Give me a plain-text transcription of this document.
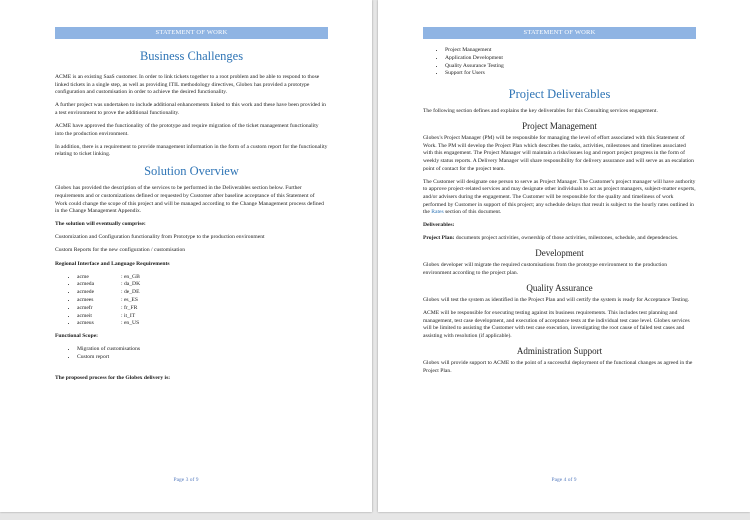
STATEMENT OF WORK
Business Challenges

ACME is an existing SaaS customer. In order to link tickets together to a root problem and be able to respond to those linked tickets in a single step, as well as providing ITIL methodology directives, Globex has provided a prototype configuration and customisation in order to achieve the desired functionality.

A further project was undertaken to include additional enhancements linked to this work and these have been provided in a test environment to prove the additional functionality.

ACME have approved the functionality of the prototype and require migration of the ticket management functionality into the production environment.

In addition, there is a requirement to provide management information in the form of a custom report for the functionality relating to ticket linking.

Solution Overview

Globex has provided the description of the services to be performed in the Deliverables section below. Further requirements and or customizations defined or requested by Customer after baseline acceptance of this Statement of Work could change the scope of this project and will be managed according to the Change Management process defined in the Change Management Appendix.

The solution will eventually comprise:

Customization and Configuration functionality from Prototype to the production environment

Custom Reports for the new configuration / customisation

Regional Interface and Language Requirements

• acme	: en_GB
• acmeda	: da_DK
• acmede	: de_DE
• acmees	: es_ES
• acmefr	: fr_FR
• acmeit	: it_IT
• acmeus	: en_US

Functional Scope:

• Migration of customisations
• Custom report

The proposed process for the Globex delivery is:

Page 3 of 9
STATEMENT OF WORK
• Project Management
• Application Development
• Quality Assurance Testing
• Support for Users
Project Deliverables

The following section defines and explains the key deliverables for this Consulting services engagement.

Project Management

Globex's Project Manager (PM) will be responsible for managing the level of effort associated with this Statement of Work. The PM will develop the Project Plan which describes the tasks, activities, milestones and timelines associated with this engagement. The Project Manager will maintain a risks/issues log and report project progress in the form of weekly status reports. A Delivery Manager will share responsibility for delivery assurance and will serve as an escalation point of contact for the project team.

The Customer will designate one person to serve as Project Manager. The Customer's project manager will have authority to approve project-related services and may designate other individuals to act as project managers, subject-matter experts, and/or advisers during the engagement. The Customer will be responsible for the quality and timeliness of work performed by Customer in support of this project; any schedule delays that result is subject to the hourly rates outlined in the Rates section of this document.

Deliverables:

Project Plan: documents project activities, ownership of those activities, milestones, schedule, and dependencies.

Development

Globex developer will migrate the required customisations from the prototype environment to the production environment according to the project plan.

Quality Assurance

Globex will test the system as identified in the Project Plan and will certify the system is ready for Acceptance Testing.

ACME will be responsible for executing testing against its business requirements. This includes test planning and management, test case development, and execution of acceptance tests at the individual test case level. Globex services will be limited to assisting the Customer with test case execution, investigating the root cause of failed test cases and assisting with resolution (if applicable).

Administration Support

Globex will provide support to ACME to the point of a successful deployment of the functional changes as agreed in the Project Plan.

Page 4 of 9
